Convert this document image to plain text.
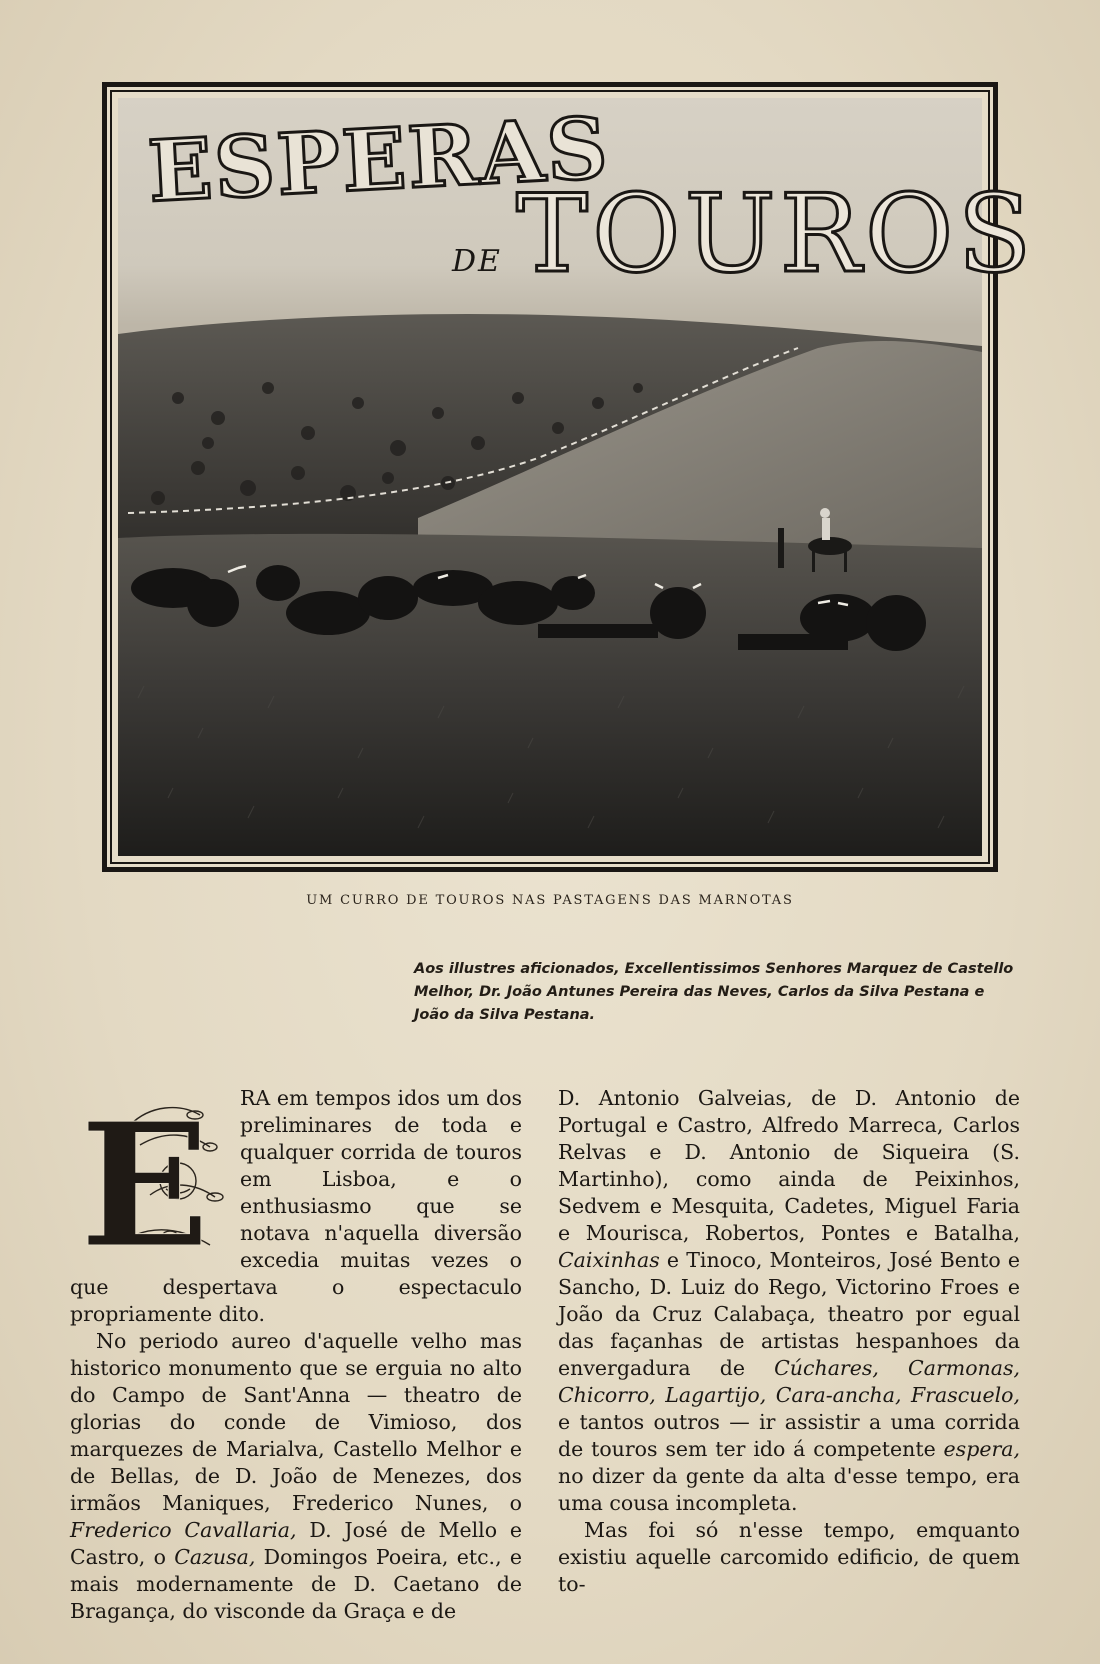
ESPERAS
DE TOUROS
UM CURRO DE TOUROS NAS PASTAGENS DAS MARNOTAS
Aos illustres aficionados, Excellentissimos Senhores Marquez de Castello Melhor, Dr. João Antunes Pereira das Neves, Carlos da Silva Pestana e João da Silva Pestana.
E	RA em tempos idos um dos preliminares de toda e qualquer corrida de touros em Lisboa, e o enthusiasmo que se notava n'aquella diversão excedia muitas vezes o que despertava o espectaculo propriamente dito.

No periodo aureo d'aquelle velho mas historico monumento que se erguia no alto do Campo de Sant'Anna — theatro de glorias do conde de Vimioso, dos marquezes de Marialva, Castello Melhor e de Bellas, de D. João de Menezes, dos irmãos Maniques, Frederico Nunes, o Frederico Cavallaria, D. José de Mello e Castro, o Cazusa, Domingos Poeira, etc., e mais modernamente de D. Caetano de Bragança, do visconde da Graça e de

D. Antonio Galveias, de D. Antonio de Portugal e Castro, Alfredo Marreca, Carlos Relvas e D. Antonio de Siqueira (S. Martinho), como ainda de Peixinhos, Sedvem e Mesquita, Cadetes, Miguel Faria e Mourisca, Robertos, Pontes e Batalha, Caixinhas e Tinoco, Monteiros, José Bento e Sancho, D. Luiz do Rego, Victorino Froes e João da Cruz Calabaça, theatro por egual das façanhas de artistas hespanhoes da envergadura de Cúchares, Carmonas, Chicorro, Lagartijo, Cara-ancha, Frascuelo, e tantos outros — ir assistir a uma corrida de touros sem ter ido á competente espera, no dizer da gente da alta d'esse tempo, era uma cousa incompleta.

Mas foi só n'esse tempo, emquanto existiu aquelle carcomido edificio, de quem to-
